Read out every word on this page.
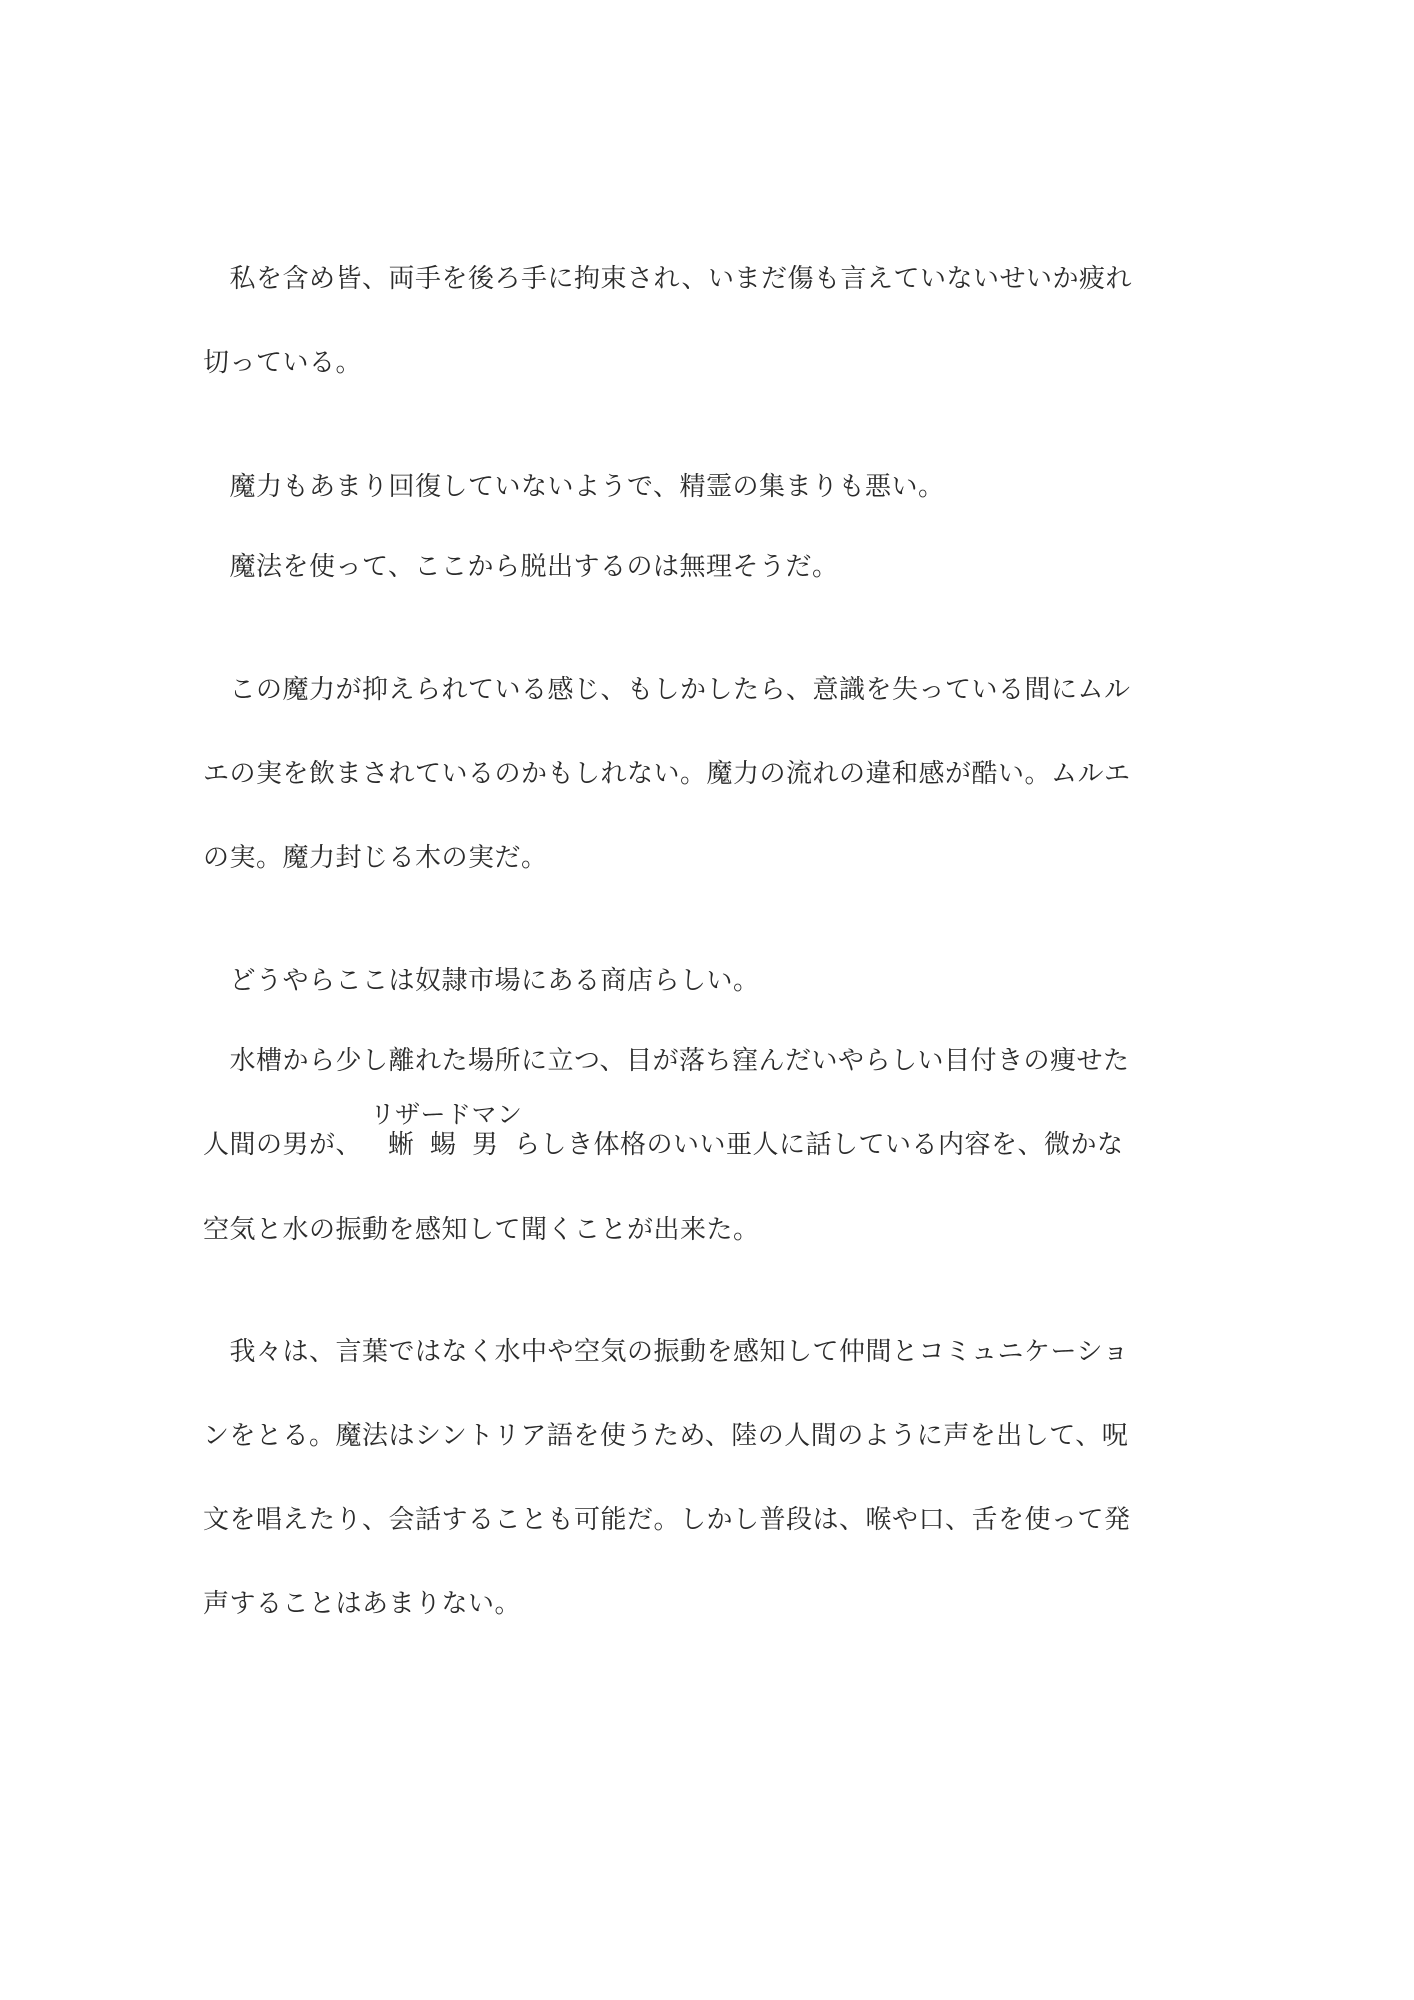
　私を含め皆、両手を後ろ手に拘束され、いまだ傷も言えていないせいか疲れ
切っている。
　魔力もあまり回復していないようで、精霊の集まりも悪い。
　魔法を使って、ここから脱出するのは無理そうだ。
　この魔力が抑えられている感じ、もしかしたら、意識を失っている間にムル
エの実を飲まされているのかもしれない。魔力の流れの違和感が酷い。ムルエ
の実。魔力封じる木の実だ。
　どうやらここは奴隷市場にある商店らしい。
　水槽から少し離れた場所に立つ、目が落ち窪んだいやらしい目付きの痩せた
人間の男が、 蜥蜴男
リザードマン
らしき体格のいい亜人に話している内容を、微かな
空気と水の振動を感知して聞くことが出来た。
　我々は、言葉ではなく水中や空気の振動を感知して仲間とコミュニケーショ
ンをとる。魔法はシントリア語を使うため、陸の人間のように声を出して、呪
文を唱えたり、会話することも可能だ。しかし普段は、喉や口、舌を使って発
声することはあまりない。
